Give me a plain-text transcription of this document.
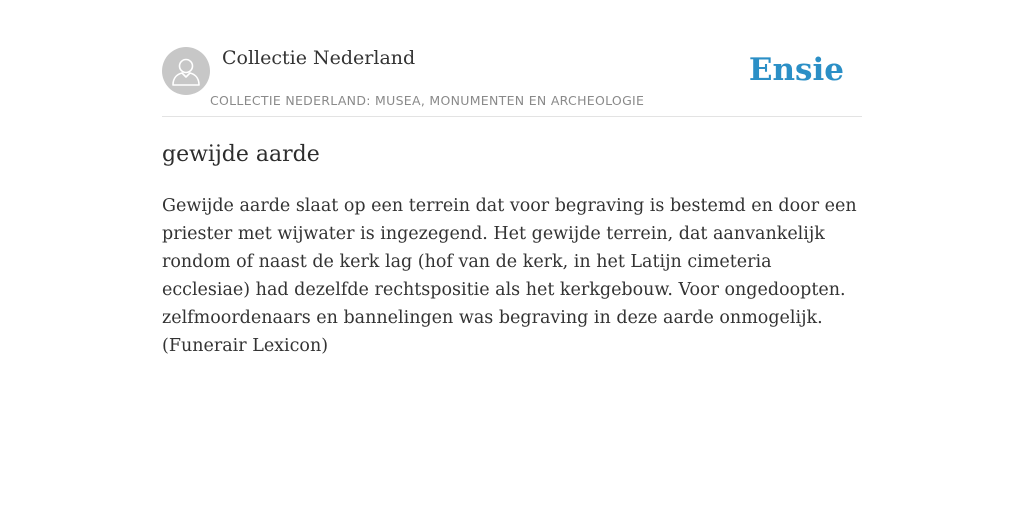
Collectie Nederland
COLLECTIE NEDERLAND: MUSEA, MONUMENTEN EN ARCHEOLOGIE
Ensie
gewijde aarde

Gewijde aarde slaat op een terrein dat voor begraving is bestemd en door een priester met wijwater is ingezegend. Het gewijde terrein, dat aanvankelijk rondom of naast de kerk lag (hof van de kerk, in het Latijn cimeteria ecclesiae) had dezelfde rechtspositie als het kerkgebouw. Voor ongedoopten. zelfmoordenaars en bannelingen was begraving in deze aarde onmogelijk. (Funerair Lexicon)
